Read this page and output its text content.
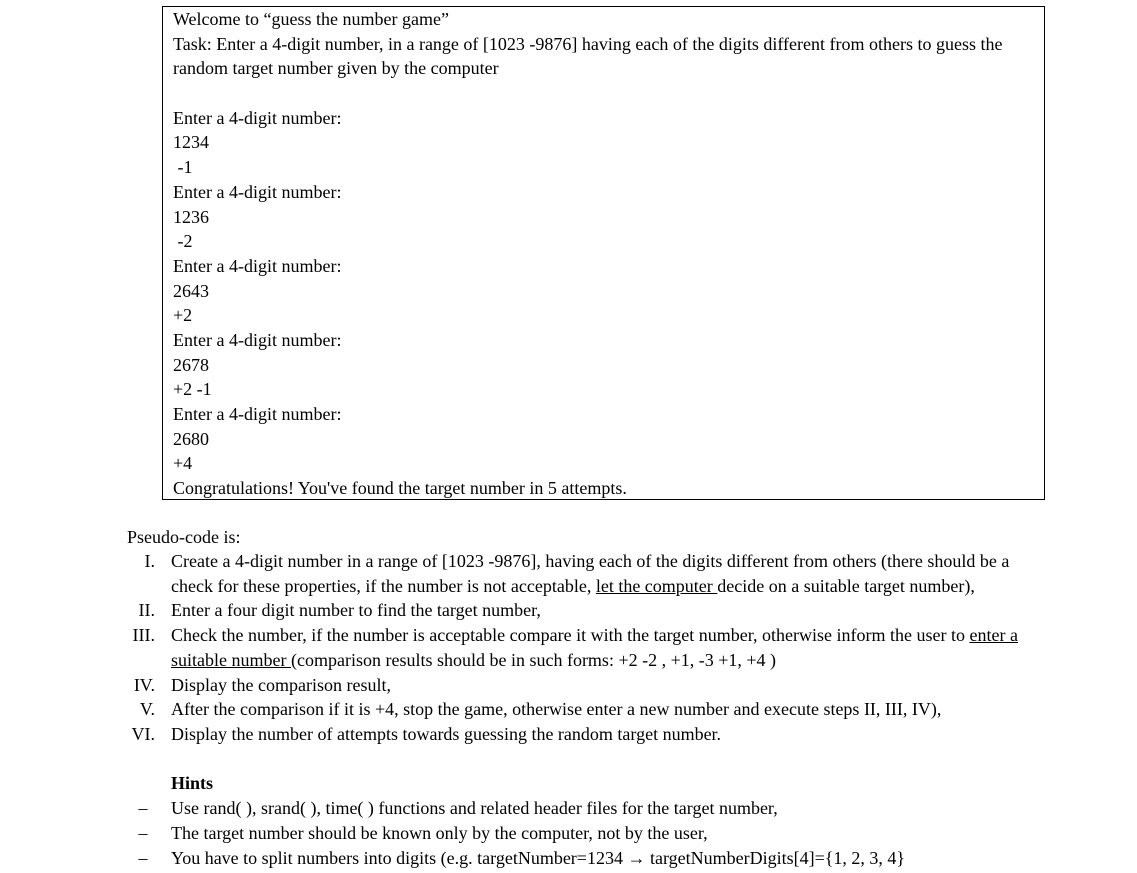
Welcome to “guess the number game”
Task: Enter a 4-digit number, in a range of [1023 -9876] having each of the digits different from others to guess the random target number given by the computer
Enter a 4-digit number:
1234
-1
Enter a 4-digit number:
1236
-2
Enter a 4-digit number:
2643
+2
Enter a 4-digit number:
2678
+2 -1
Enter a 4-digit number:
2680
+4
Congratulations! You've found the target number in 5 attempts.
Pseudo-code is:
I. Create a 4-digit number in a range of [1023 -9876], having each of the digits different from others (there should be a check for these properties, if the number is not acceptable, let the computer decide on a suitable target number),
II. Enter a four digit number to find the target number,
III. Check the number, if the number is acceptable compare it with the target number, otherwise inform the user to enter a suitable number (comparison results should be in such forms: +2 -2 , +1, -3 +1, +4 )
IV. Display the comparison result,
V. After the comparison if it is +4, stop the game, otherwise enter a new number and execute steps II, III, IV),
VI. Display the number of attempts towards guessing the random target number.
Hints
– Use rand( ), srand( ), time( ) functions and related header files for the target number,
– The target number should be known only by the computer, not by the user,
– You have to split numbers into digits (e.g. targetNumber=1234 → targetNumberDigits[4]={1, 2, 3, 4}
